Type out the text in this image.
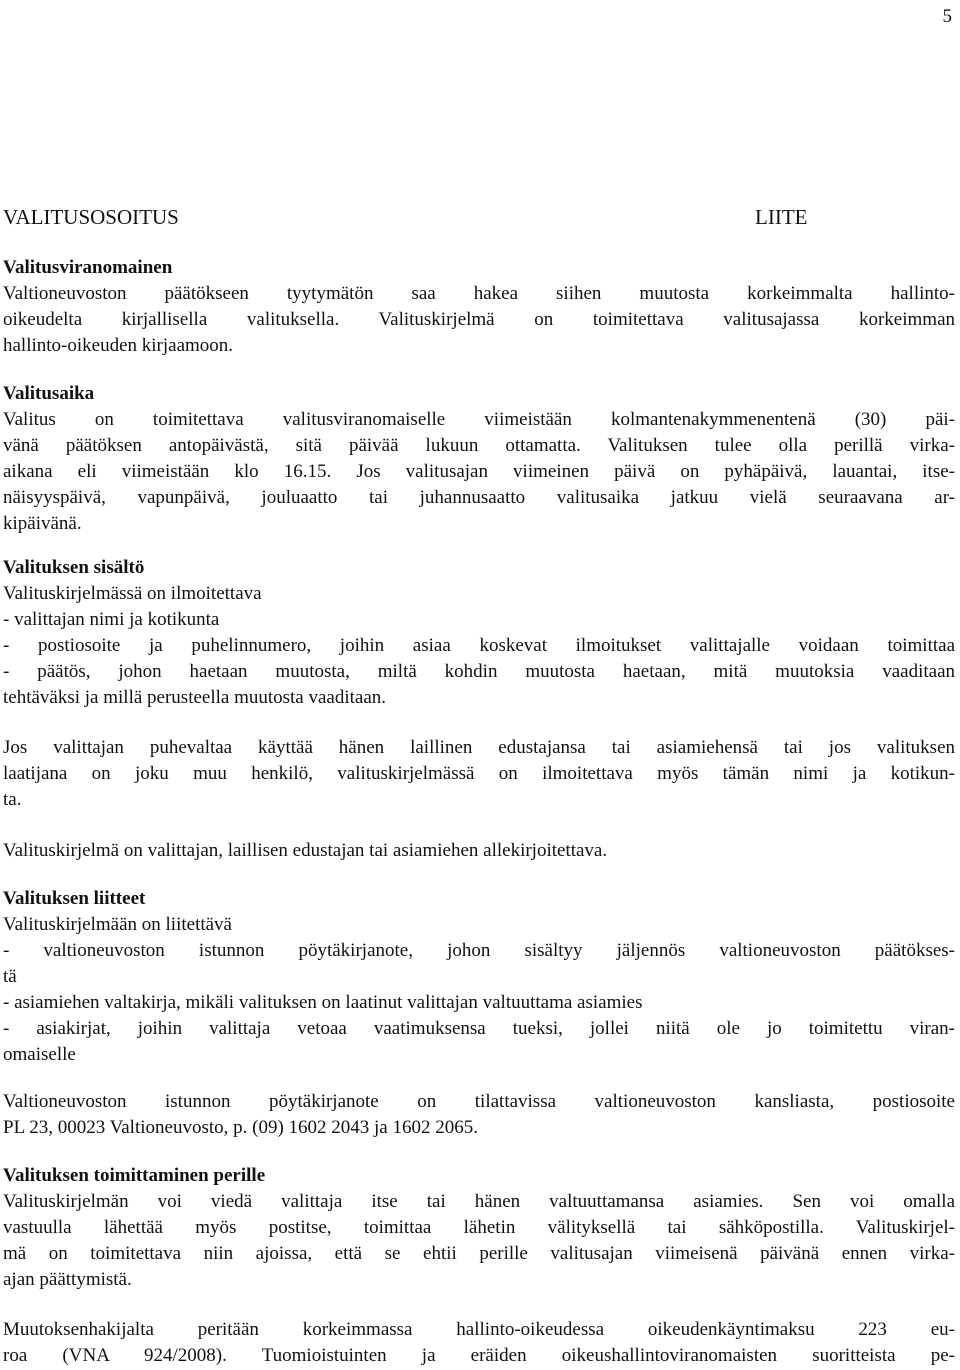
5
VALITUSOSOITUS	LIITE
Valitusviranomainen
Valtioneuvoston päätökseen tyytymätön saa hakea siihen muutosta korkeimmalta hallinto-
oikeudelta kirjallisella valituksella. Valituskirjelmä on toimitettava valitusajassa korkeimman
hallinto-oikeuden kirjaamoon.
Valitusaika
Valitus on toimitettava valitusviranomaiselle viimeistään kolmantenakymmenentenä (30) päi-
vänä päätöksen antopäivästä, sitä päivää lukuun ottamatta. Valituksen tulee olla perillä virka-
aikana eli viimeistään klo 16.15. Jos valitusajan viimeinen päivä on pyhäpäivä, lauantai, itse-
näisyyspäivä, vapunpäivä, jouluaatto tai juhannusaatto valitusaika jatkuu vielä seuraavana ar-
kipäivänä.
Valituksen sisältö
Valituskirjelmässä on ilmoitettava
- valittajan nimi ja kotikunta
- postiosoite ja puhelinnumero, joihin asiaa koskevat ilmoitukset valittajalle voidaan toimittaa
- päätös, johon haetaan muutosta, miltä kohdin muutosta haetaan, mitä muutoksia vaaditaan
tehtäväksi ja millä perusteella muutosta vaaditaan.
Jos valittajan puhevaltaa käyttää hänen laillinen edustajansa tai asiamiehensä tai jos valituksen
laatijana on joku muu henkilö, valituskirjelmässä on ilmoitettava myös tämän nimi ja kotikun-
ta.
Valituskirjelmä on valittajan, laillisen edustajan tai asiamiehen allekirjoitettava.
Valituksen liitteet
Valituskirjelmään on liitettävä
- valtioneuvoston istunnon pöytäkirjanote, johon sisältyy jäljennös valtioneuvoston päätökses-
tä
- asiamiehen valtakirja, mikäli valituksen on laatinut valittajan valtuuttama asiamies
- asiakirjat, joihin valittaja vetoaa vaatimuksensa tueksi, jollei niitä ole jo toimitettu viran-
omaiselle
Valtioneuvoston istunnon pöytäkirjanote on tilattavissa valtioneuvoston kansliasta, postiosoite
PL 23, 00023 Valtioneuvosto, p. (09) 1602 2043 ja 1602 2065.
Valituksen toimittaminen perille
Valituskirjelmän voi viedä valittaja itse tai hänen valtuuttamansa asiamies. Sen voi omalla
vastuulla lähettää myös postitse, toimittaa lähetin välityksellä tai sähköpostilla. Valituskirjel-
mä on toimitettava niin ajoissa, että se ehtii perille valitusajan viimeisenä päivänä ennen virka-
ajan päättymistä.
Muutoksenhakijalta peritään korkeimmassa hallinto-oikeudessa oikeudenkäyntimaksu 223 eu-
roa (VNA 924/2008). Tuomioistuinten ja eräiden oikeushallintoviranomaisten suoritteista pe-
